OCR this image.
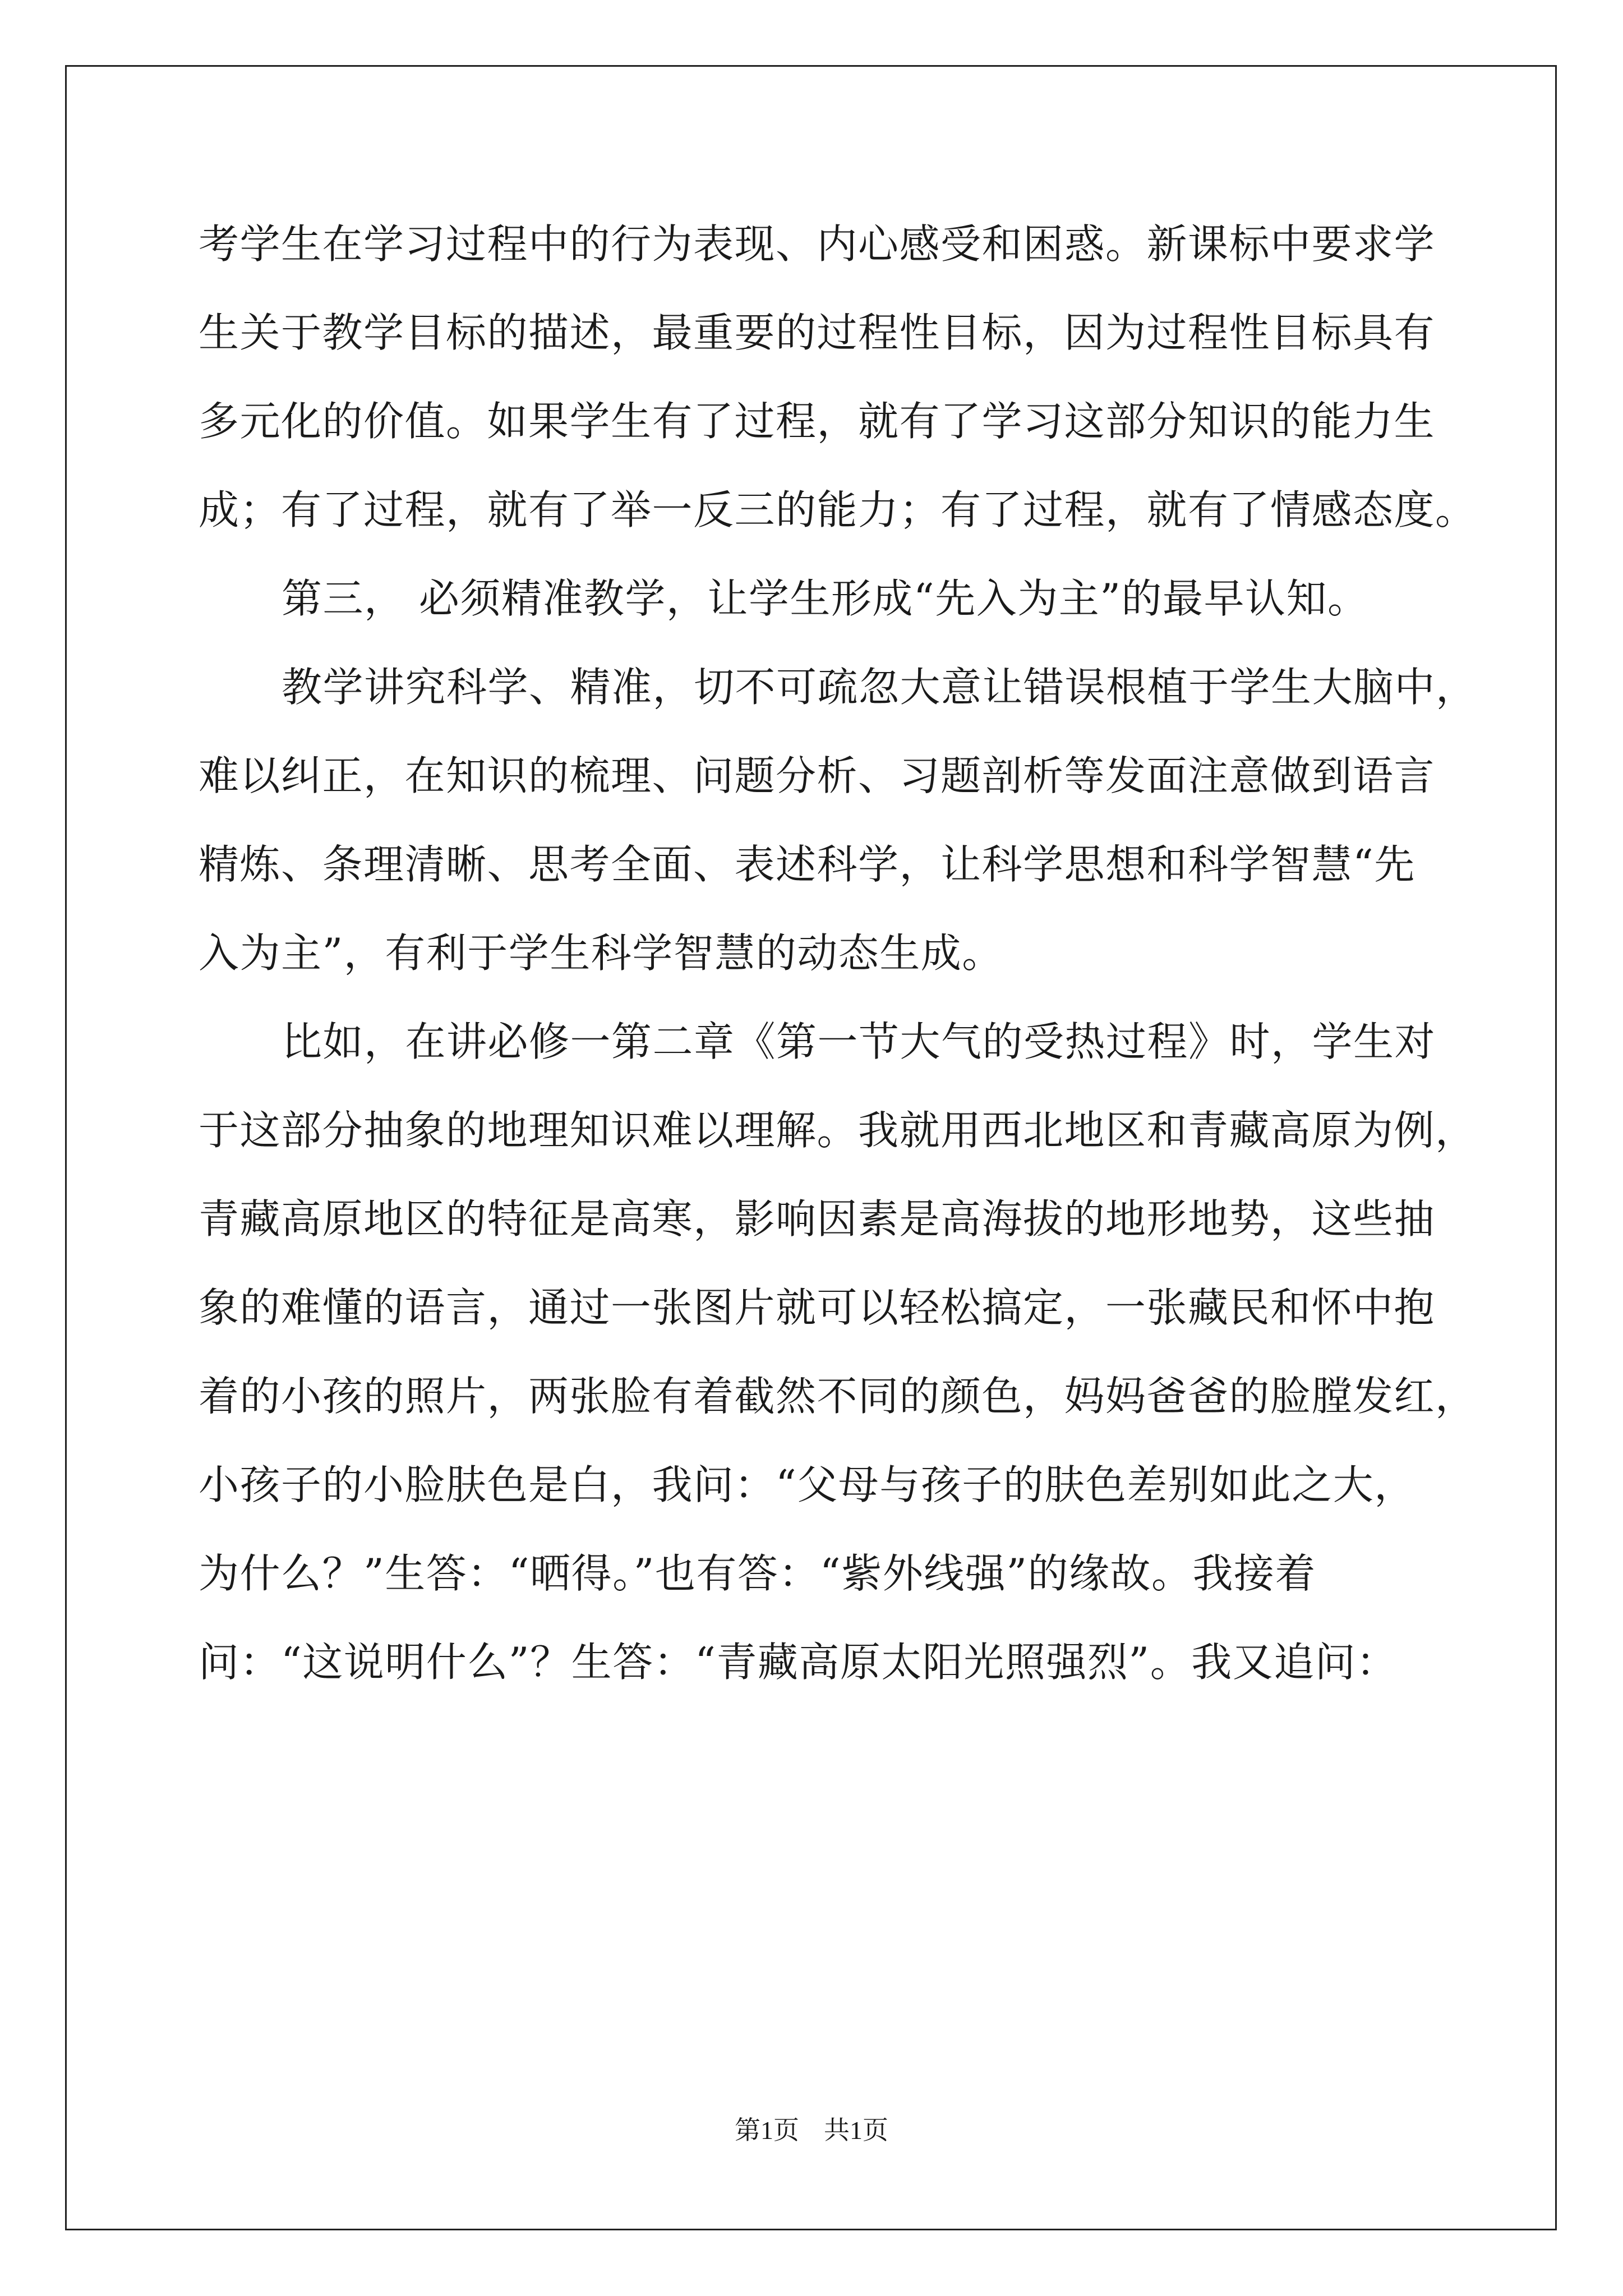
考学生在学习过程中的行为表现、内心感受和困惑。新课标中要求学
生关于教学目标的描述，最重要的过程性目标，因为过程性目标具有
多元化的价值。如果学生有了过程，就有了学习这部分知识的能力生
成；有了过程，就有了举一反三的能力；有了过程，就有了情感态度。
第三， 必须精准教学，让学生形成“先入为主”的最早认知。
教学讲究科学、精准，切不可疏忽大意让错误根植于学生大脑中，
难以纠正，在知识的梳理、问题分析、习题剖析等发面注意做到语言
精炼、条理清晰、思考全面、表述科学，让科学思想和科学智慧“先
入为主”，有利于学生科学智慧的动态生成。
比如，在讲必修一第二章《第一节大气的受热过程》时，学生对
于这部分抽象的地理知识难以理解。我就用西北地区和青藏高原为例，
青藏高原地区的特征是高寒，影响因素是高海拔的地形地势，这些抽
象的难懂的语言，通过一张图片就可以轻松搞定，一张藏民和怀中抱
着的小孩的照片，两张脸有着截然不同的颜色，妈妈爸爸的脸膛发红，
小孩子的小脸肤色是白，我问：“父母与孩子的肤色差别如此之大，
为什么？”生答：“晒得。”也有答：“紫外线强”的缘故。我接着
问：“这说明什么”？生答：“青藏高原太阳光照强烈”。我又追问：
第1页 共1页
